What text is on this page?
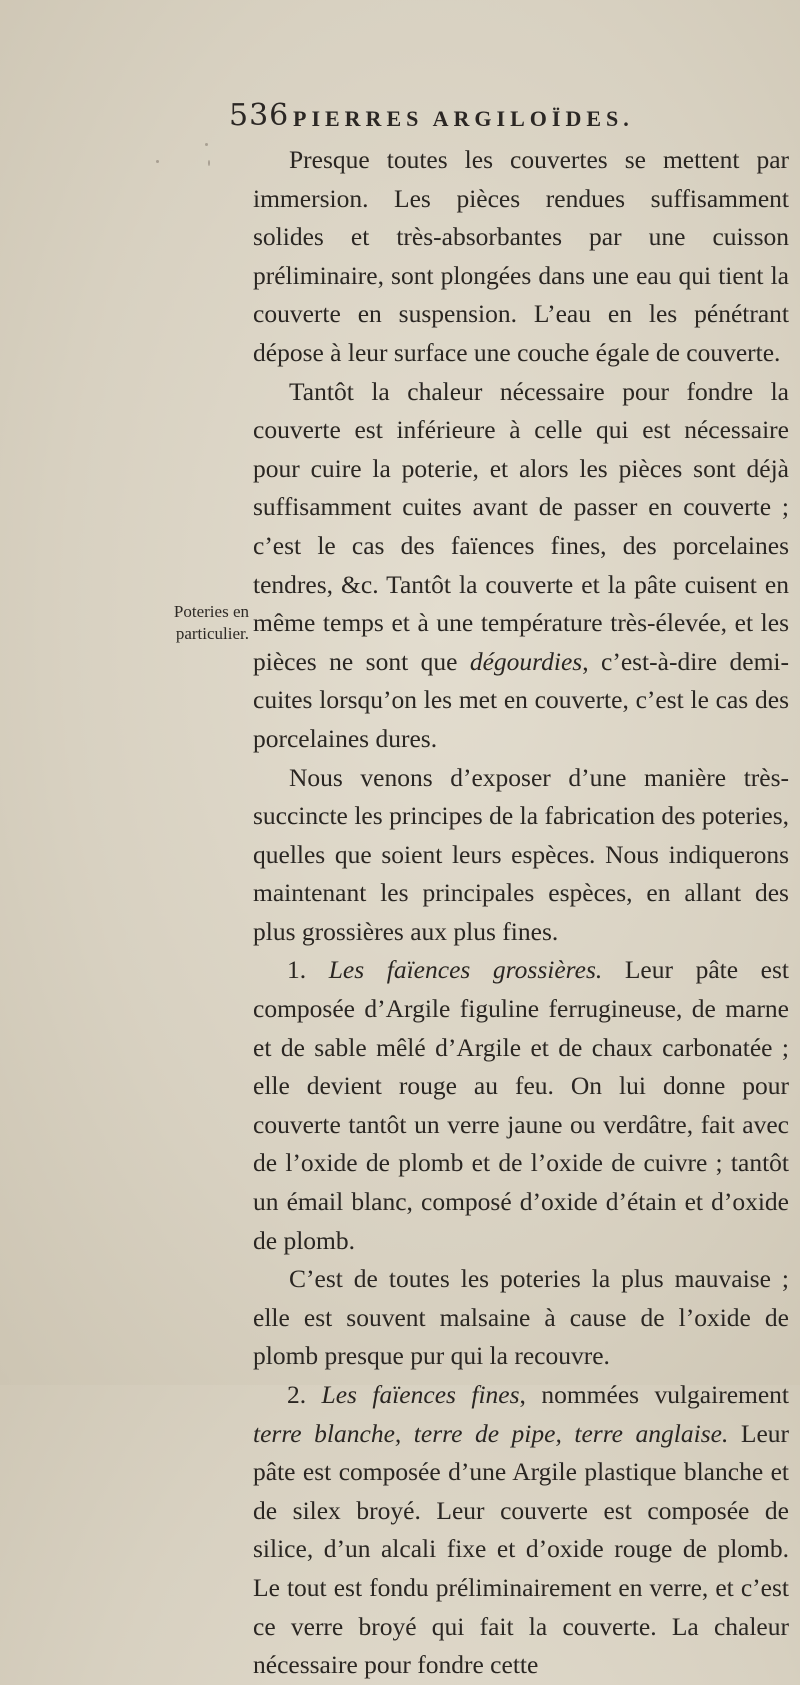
536 PIERRES ARGILOÏDES.
Poteries en
particulier.

Presque toutes les couvertes se mettent par immersion. Les pièces rendues suffisamment solides et très-absorbantes par une cuisson préliminaire, sont plongées dans une eau qui tient la couverte en suspension. L’eau en les pénétrant dépose à leur surface une couche égale de couverte.

Tantôt la chaleur nécessaire pour fondre la couverte est inférieure à celle qui est nécessaire pour cuire la poterie, et alors les pièces sont déjà suffisamment cuites avant de passer en couverte ; c’est le cas des faïences fines, des porcelaines tendres, &c. Tantôt la couverte et la pâte cuisent en même temps et à une température très-élevée, et les pièces ne sont que dégourdies, c’est-à-dire demi-cuites lorsqu’on les met en couverte, c’est le cas des porcelaines dures.

Nous venons d’exposer d’une manière très-succincte les principes de la fabrication des poteries, quelles que soient leurs espèces. Nous indiquerons maintenant les principales espèces, en allant des plus grossières aux plus fines.

1. Les faïences grossières. Leur pâte est composée d’Argile figuline ferrugineuse, de marne et de sable mêlé d’Argile et de chaux carbonatée ; elle devient rouge au feu. On lui donne pour couverte tantôt un verre jaune ou verdâtre, fait avec de l’oxide de plomb et de l’oxide de cuivre ; tantôt un émail blanc, composé d’oxide d’étain et d’oxide de plomb.

C’est de toutes les poteries la plus mauvaise ; elle est souvent malsaine à cause de l’oxide de plomb presque pur qui la recouvre.

2. Les faïences fines, nommées vulgairement terre blanche, terre de pipe, terre anglaise. Leur pâte est composée d’une Argile plastique blanche et de silex broyé. Leur couverte est composée de silice, d’un alcali fixe et d’oxide rouge de plomb. Le tout est fondu préliminairement en verre, et c’est ce verre broyé qui fait la couverte. La chaleur nécessaire pour fondre cette
